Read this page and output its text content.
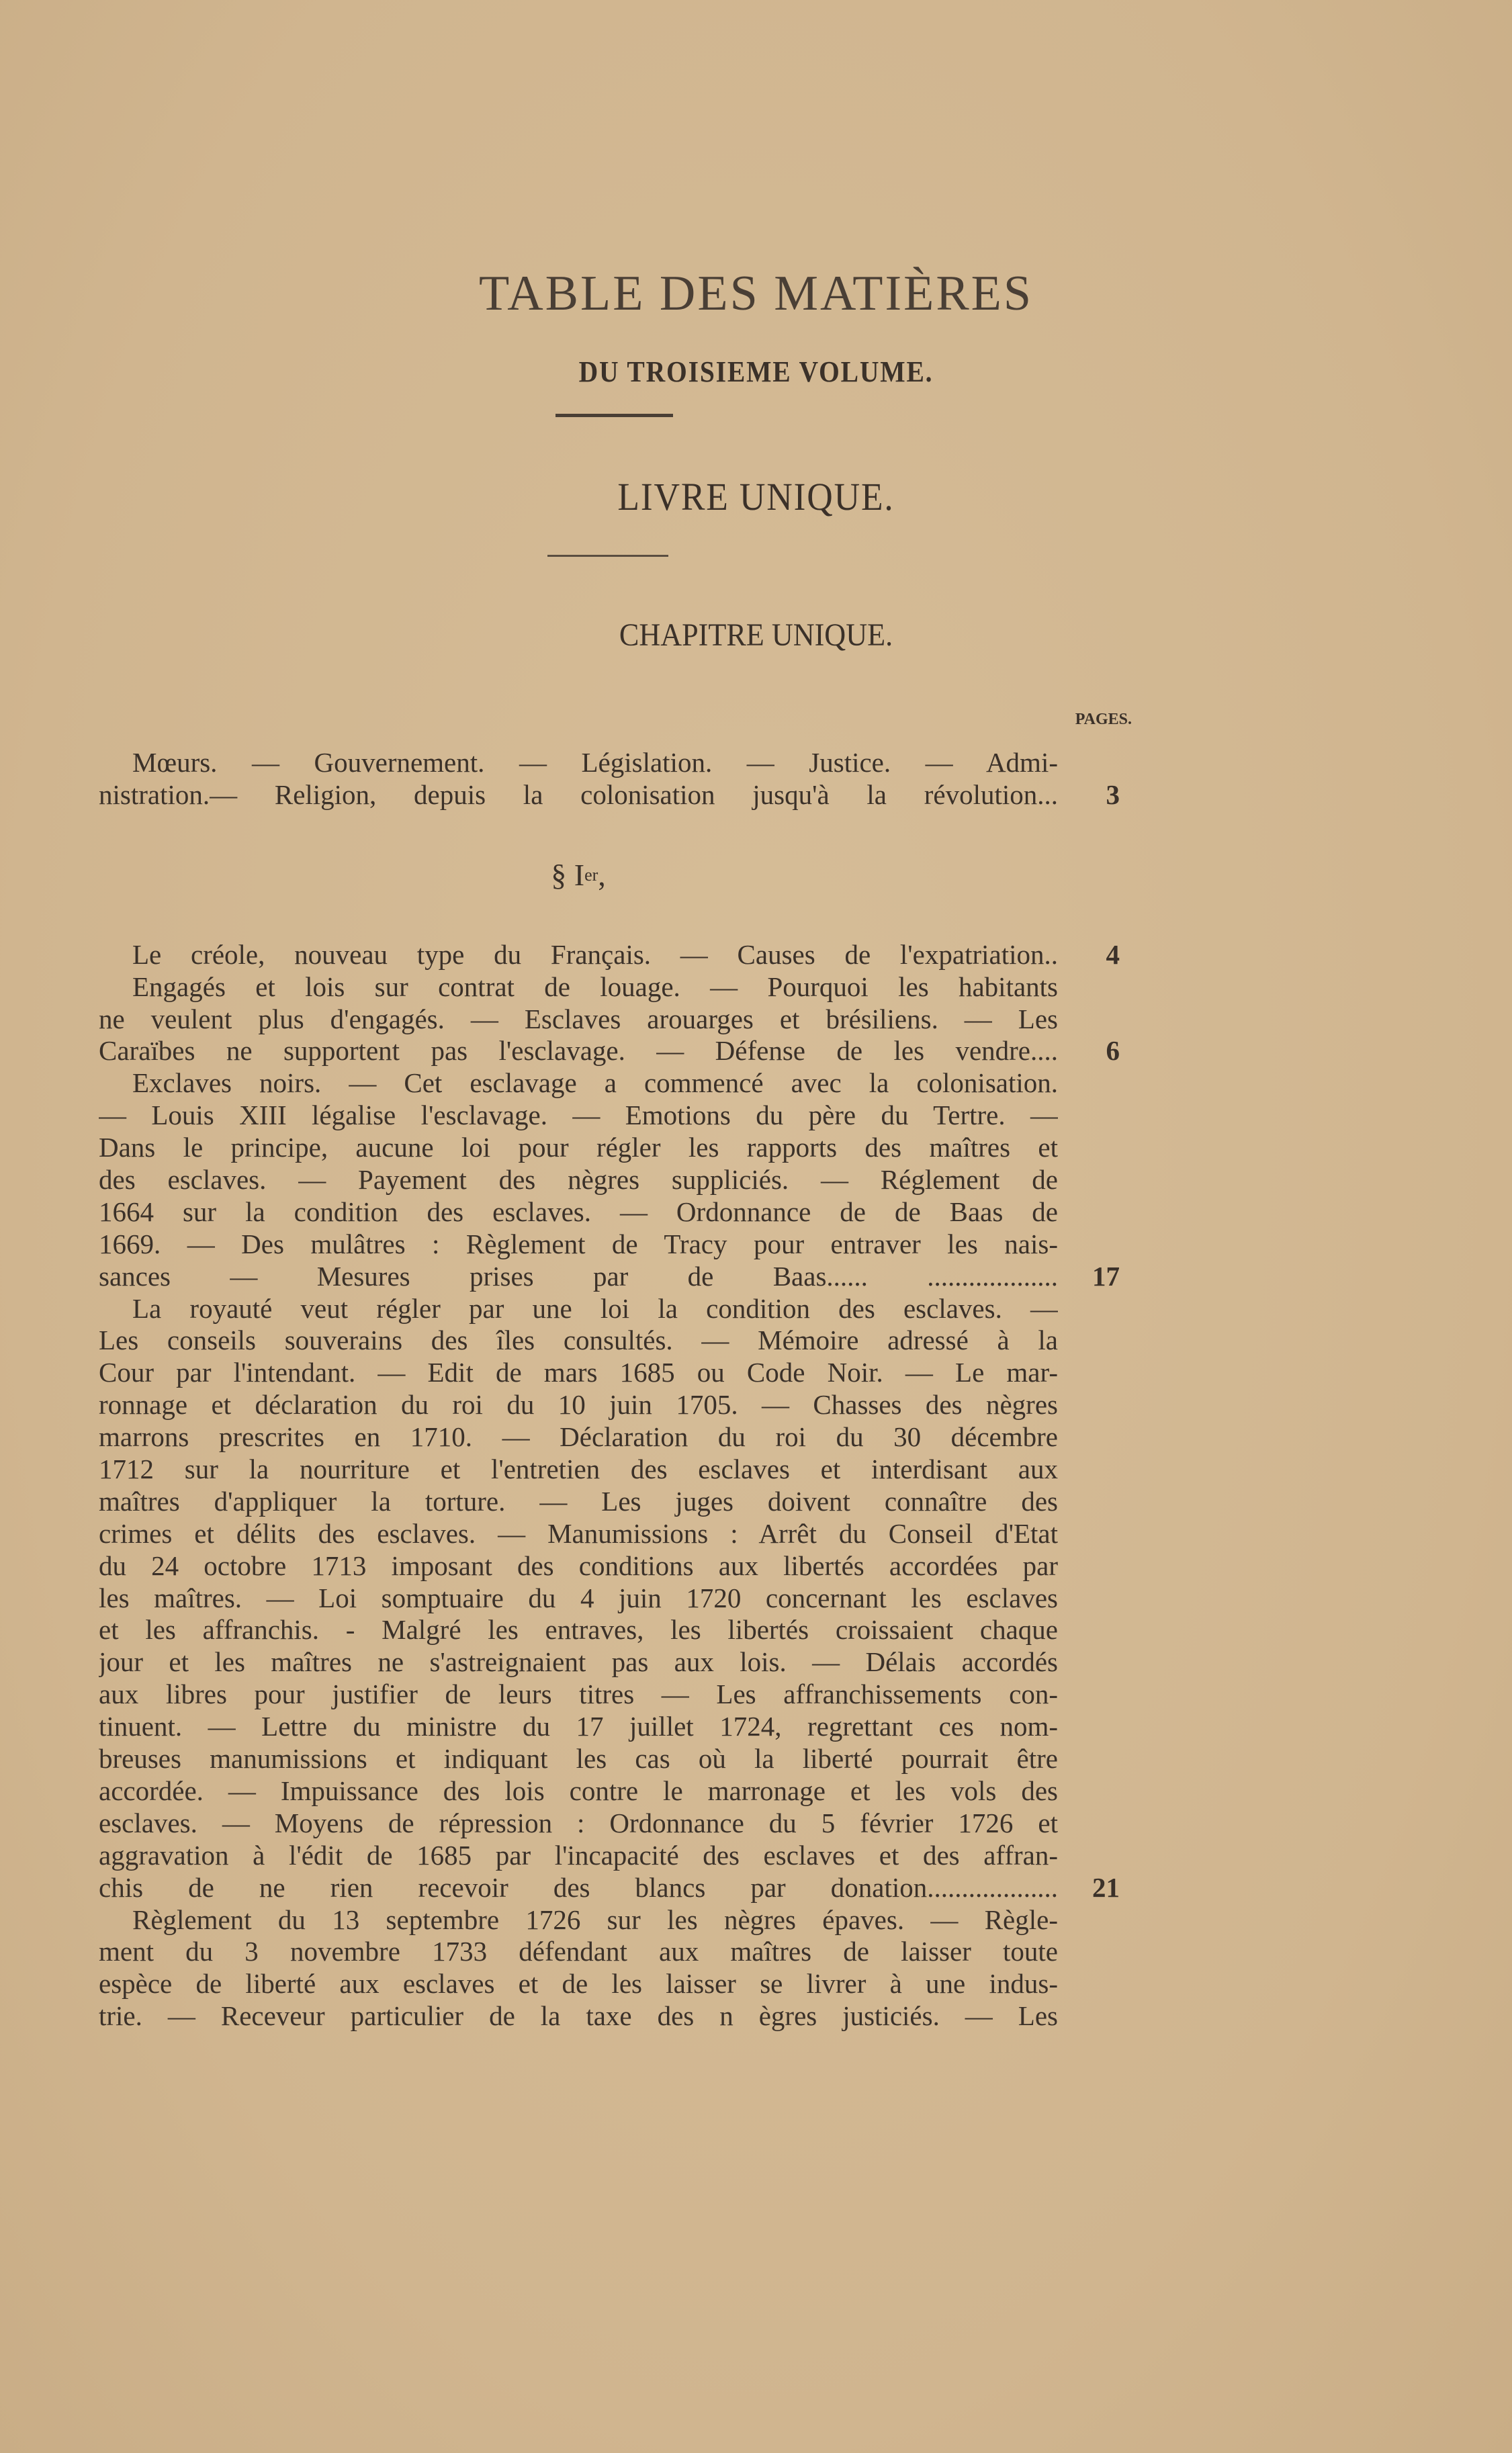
TABLE DES MATIÈRES
DU TROISIEME VOLUME.
LIVRE UNIQUE.
CHAPITRE UNIQUE.
PAGES.
Mœurs. — Gouvernement. — Législation. — Justice. — Admi-
nistration.— Religion, depuis la colonisation jusqu'à la révolution...	3
§ I er ,
Le créole, nouveau type du Français. — Causes de l'expatriation..	4
Engagés et lois sur contrat de louage. — Pourquoi les habitants
ne veulent plus d'engagés. — Esclaves arouarges et brésiliens. — Les
Caraïbes ne supportent pas l'esclavage. — Défense de les vendre....	6
Exclaves noirs. — Cet esclavage a commencé avec la colonisation.
— Louis XIII légalise l'esclavage. — Emotions du père du Tertre. —
Dans le principe, aucune loi pour régler les rapports des maîtres et
des esclaves. — Payement des nègres suppliciés. — Réglement de
1664 sur la condition des esclaves. — Ordonnance de de Baas de
1669. — Des mulâtres : Règlement de Tracy pour entraver les nais-
sances — Mesures prises par de Baas...... ...................	17
La royauté veut régler par une loi la condition des esclaves. —
Les conseils souverains des îles consultés. — Mémoire adressé à la
Cour par l'intendant. — Edit de mars 1685 ou Code Noir. — Le mar-
ronnage et déclaration du roi du 10 juin 1705. — Chasses des nègres
marrons prescrites en 1710. — Déclaration du roi du 30 décembre
1712 sur la nourriture et l'entretien des esclaves et interdisant aux
maîtres d'appliquer la torture. — Les juges doivent connaître des
crimes et délits des esclaves. — Manumissions : Arrêt du Conseil d'Etat
du 24 octobre 1713 imposant des conditions aux libertés accordées par
les maîtres. — Loi somptuaire du 4 juin 1720 concernant les esclaves
et les affranchis. - Malgré les entraves, les libertés croissaient chaque
jour et les maîtres ne s'astreignaient pas aux lois. — Délais accordés
aux libres pour justifier de leurs titres — Les affranchissements con-
tinuent. — Lettre du ministre du 17 juillet 1724, regrettant ces nom-
breuses manumissions et indiquant les cas où la liberté pourrait être
accordée. — Impuissance des lois contre le marronage et les vols des
esclaves. — Moyens de répression : Ordonnance du 5 février 1726 et
aggravation à l'édit de 1685 par l'incapacité des esclaves et des affran-
chis de ne rien recevoir des blancs par donation...................	21
Règlement du 13 septembre 1726 sur les nègres épaves. — Règle-
ment du 3 novembre 1733 défendant aux maîtres de laisser toute
espèce de liberté aux esclaves et de les laisser se livrer à une indus-
trie. — Receveur particulier de la taxe des n ègres justiciés. — Les
